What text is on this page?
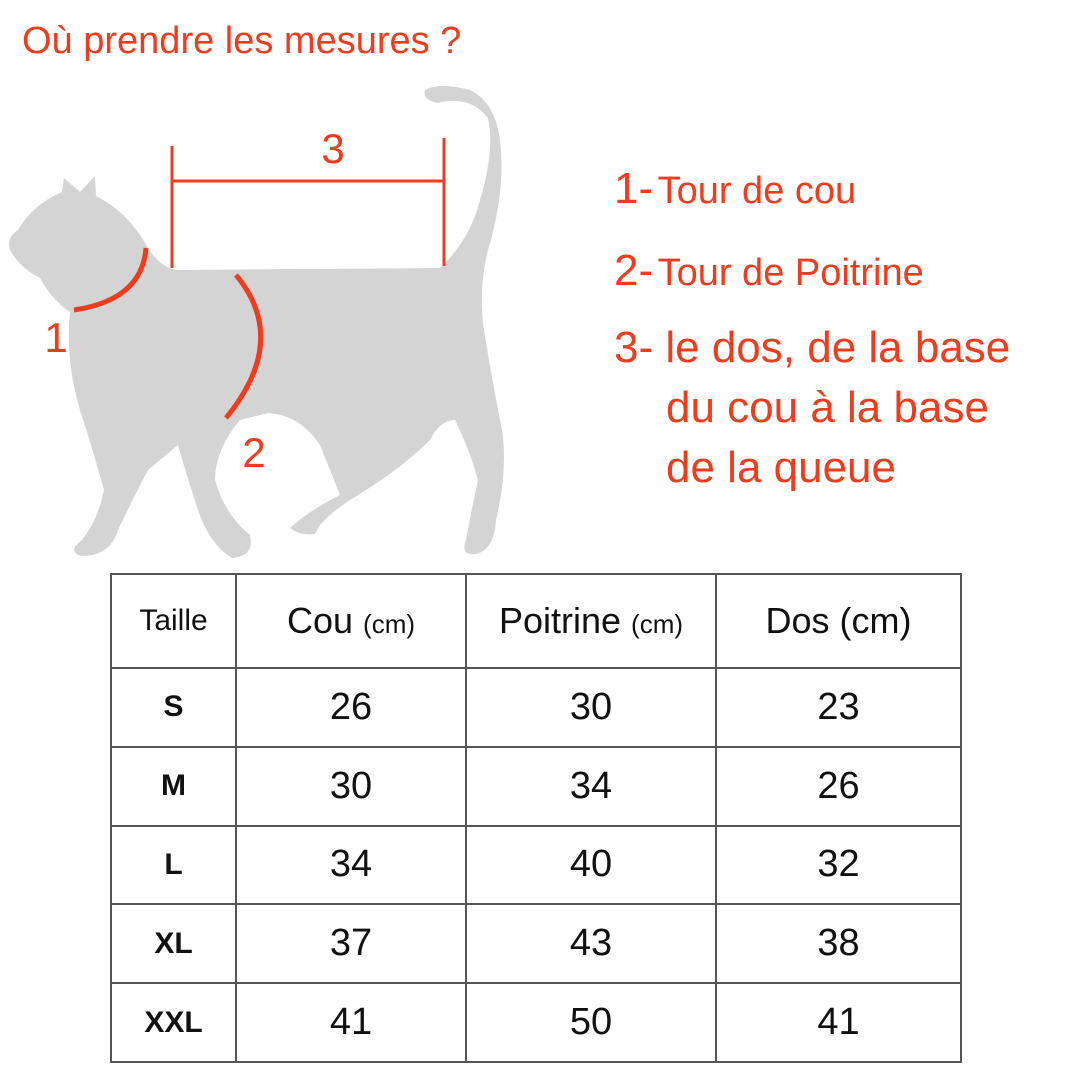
Où prendre les mesures ?
3
1
2
1- Tour de cou
2- Tour de Poitrine
3- le dos, de la base
du cou à la base
de la queue
Taille	Cou (cm)	Poitrine (cm)	Dos (cm)
S	26	30	23
M	30	34	26
L	34	40	32
XL	37	43	38
XXL	41	50	41
